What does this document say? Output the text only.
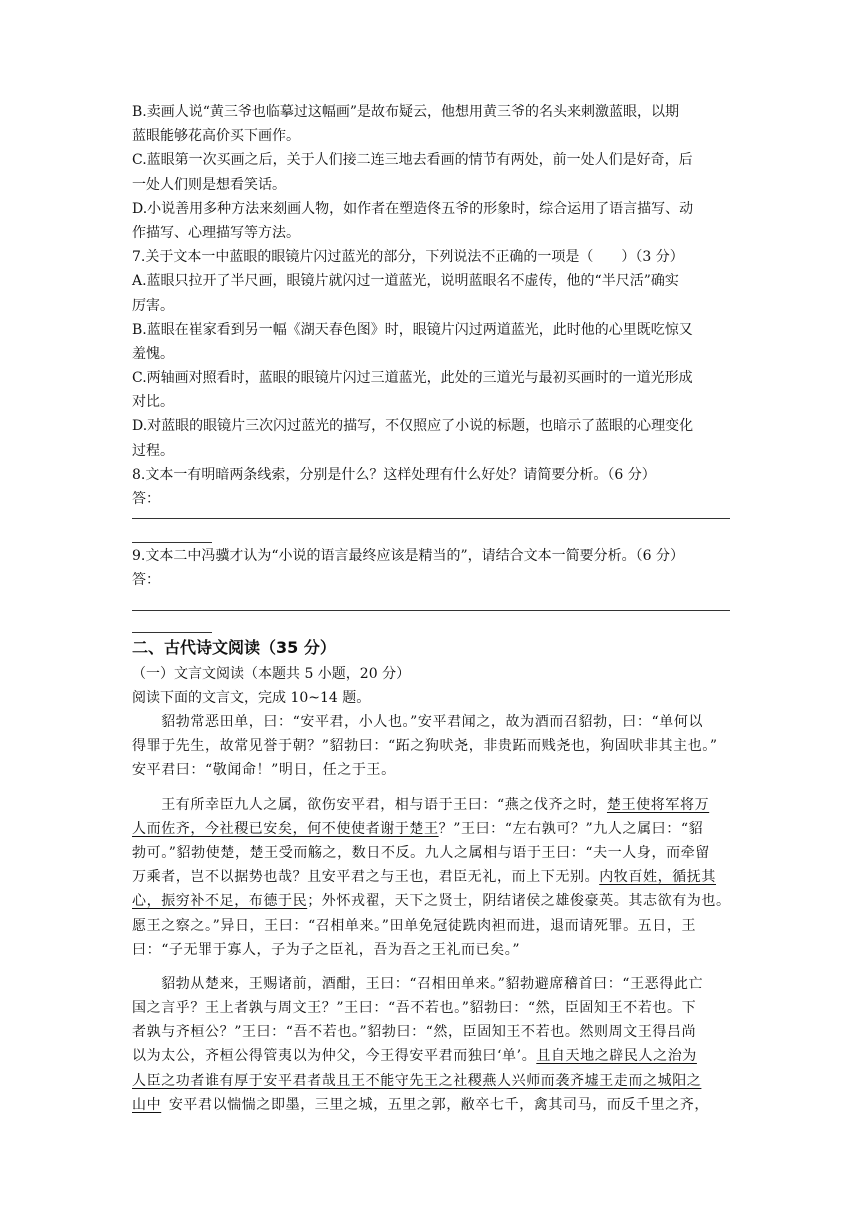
B.卖画人说“黄三爷也临摹过这幅画”是故布疑云，他想用黄三爷的名头来刺激蓝眼，以期
蓝眼能够花高价买下画作。
C.蓝眼第一次买画之后，关于人们接二连三地去看画的情节有两处，前一处人们是好奇，后
一处人们则是想看笑话。
D.小说善用多种方法来刻画人物，如作者在塑造佟五爷的形象时，综合运用了语言描写、动
作描写、心理描写等方法。
7.关于文本一中蓝眼的眼镜片闪过蓝光的部分，下列说法不正确的一项是（　　）（3 分）
A.蓝眼只拉开了半尺画，眼镜片就闪过一道蓝光，说明蓝眼名不虚传，他的“半尺活”确实
厉害。
B.蓝眼在崔家看到另一幅《湖天春色图》时，眼镜片闪过两道蓝光，此时他的心里既吃惊又
羞愧。
C.两轴画对照看时，蓝眼的眼镜片闪过三道蓝光，此处的三道光与最初买画时的一道光形成
对比。
D.对蓝眼的眼镜片三次闪过蓝光的描写，不仅照应了小说的标题，也暗示了蓝眼的心理变化
过程。
8.文本一有明暗两条线索，分别是什么？这样处理有什么好处？请简要分析。（6 分）
答：
9.文本二中冯骥才认为“小说的语言最终应该是精当的”，请结合文本一简要分析。（6 分）
答：
二、古代诗文阅读（35 分）
（一）文言文阅读（本题共 5 小题，20 分）
阅读下面的文言文，完成 10~14 题。
　　貂勃常恶田单，曰：“安平君，小人也。”安平君闻之，故为酒而召貂勃，曰：“单何以
得罪于先生，故常见誉于朝？”貂勃曰：“跖之狗吠尧，非贵跖而贱尧也，狗固吠非其主也。”
安平君曰：“敬闻命！”明日，任之于王。
　　王有所幸臣九人之属，欲伤安平君，相与语于王曰：“燕之伐齐之时，楚王使将军将万
人而佐齐，今社稷已安矣，何不使使者谢于楚王？”王曰：“左右孰可？”九人之属曰：“貂
勃可。”貂勃使楚，楚王受而觞之，数日不反。九人之属相与语于王曰：“夫一人身，而牵留
万乘者，岂不以据势也哉？且安平君之与王也，君臣无礼，而上下无别。内牧百姓，循抚其
心，振穷补不足，布德于民；外怀戎翟，天下之贤士，阴结诸侯之雄俊豪英。其志欲有为也。
愿王之察之。”异日，王曰：“召相单来。”田单免冠徒跣肉袒而进，退而请死罪。五日，王
曰：“子无罪于寡人，子为子之臣礼，吾为吾之王礼而已矣。”
　　貂勃从楚来，王赐诸前，酒酣，王曰：“召相田单来。”貂勃避席稽首曰：“王恶得此亡
国之言乎？王上者孰与周文王？”王曰：“吾不若也。”貂勃曰：“然，臣固知王不若也。下
者孰与齐桓公？”王曰：“吾不若也。”貂勃曰：“然，臣固知王不若也。然则周文王得吕尚
以为太公，齐桓公得管夷以为仲父，今王得安平君而独曰‘单’。且自天地之辟民人之治为
人臣之功者谁有厚于安平君者哉且王不能守先王之社稷燕人兴师而袭齐墟王走而之城阳之
山中  安平君以惴惴之即墨，三里之城，五里之郭，敝卒七千，禽其司马，而反千里之齐，
